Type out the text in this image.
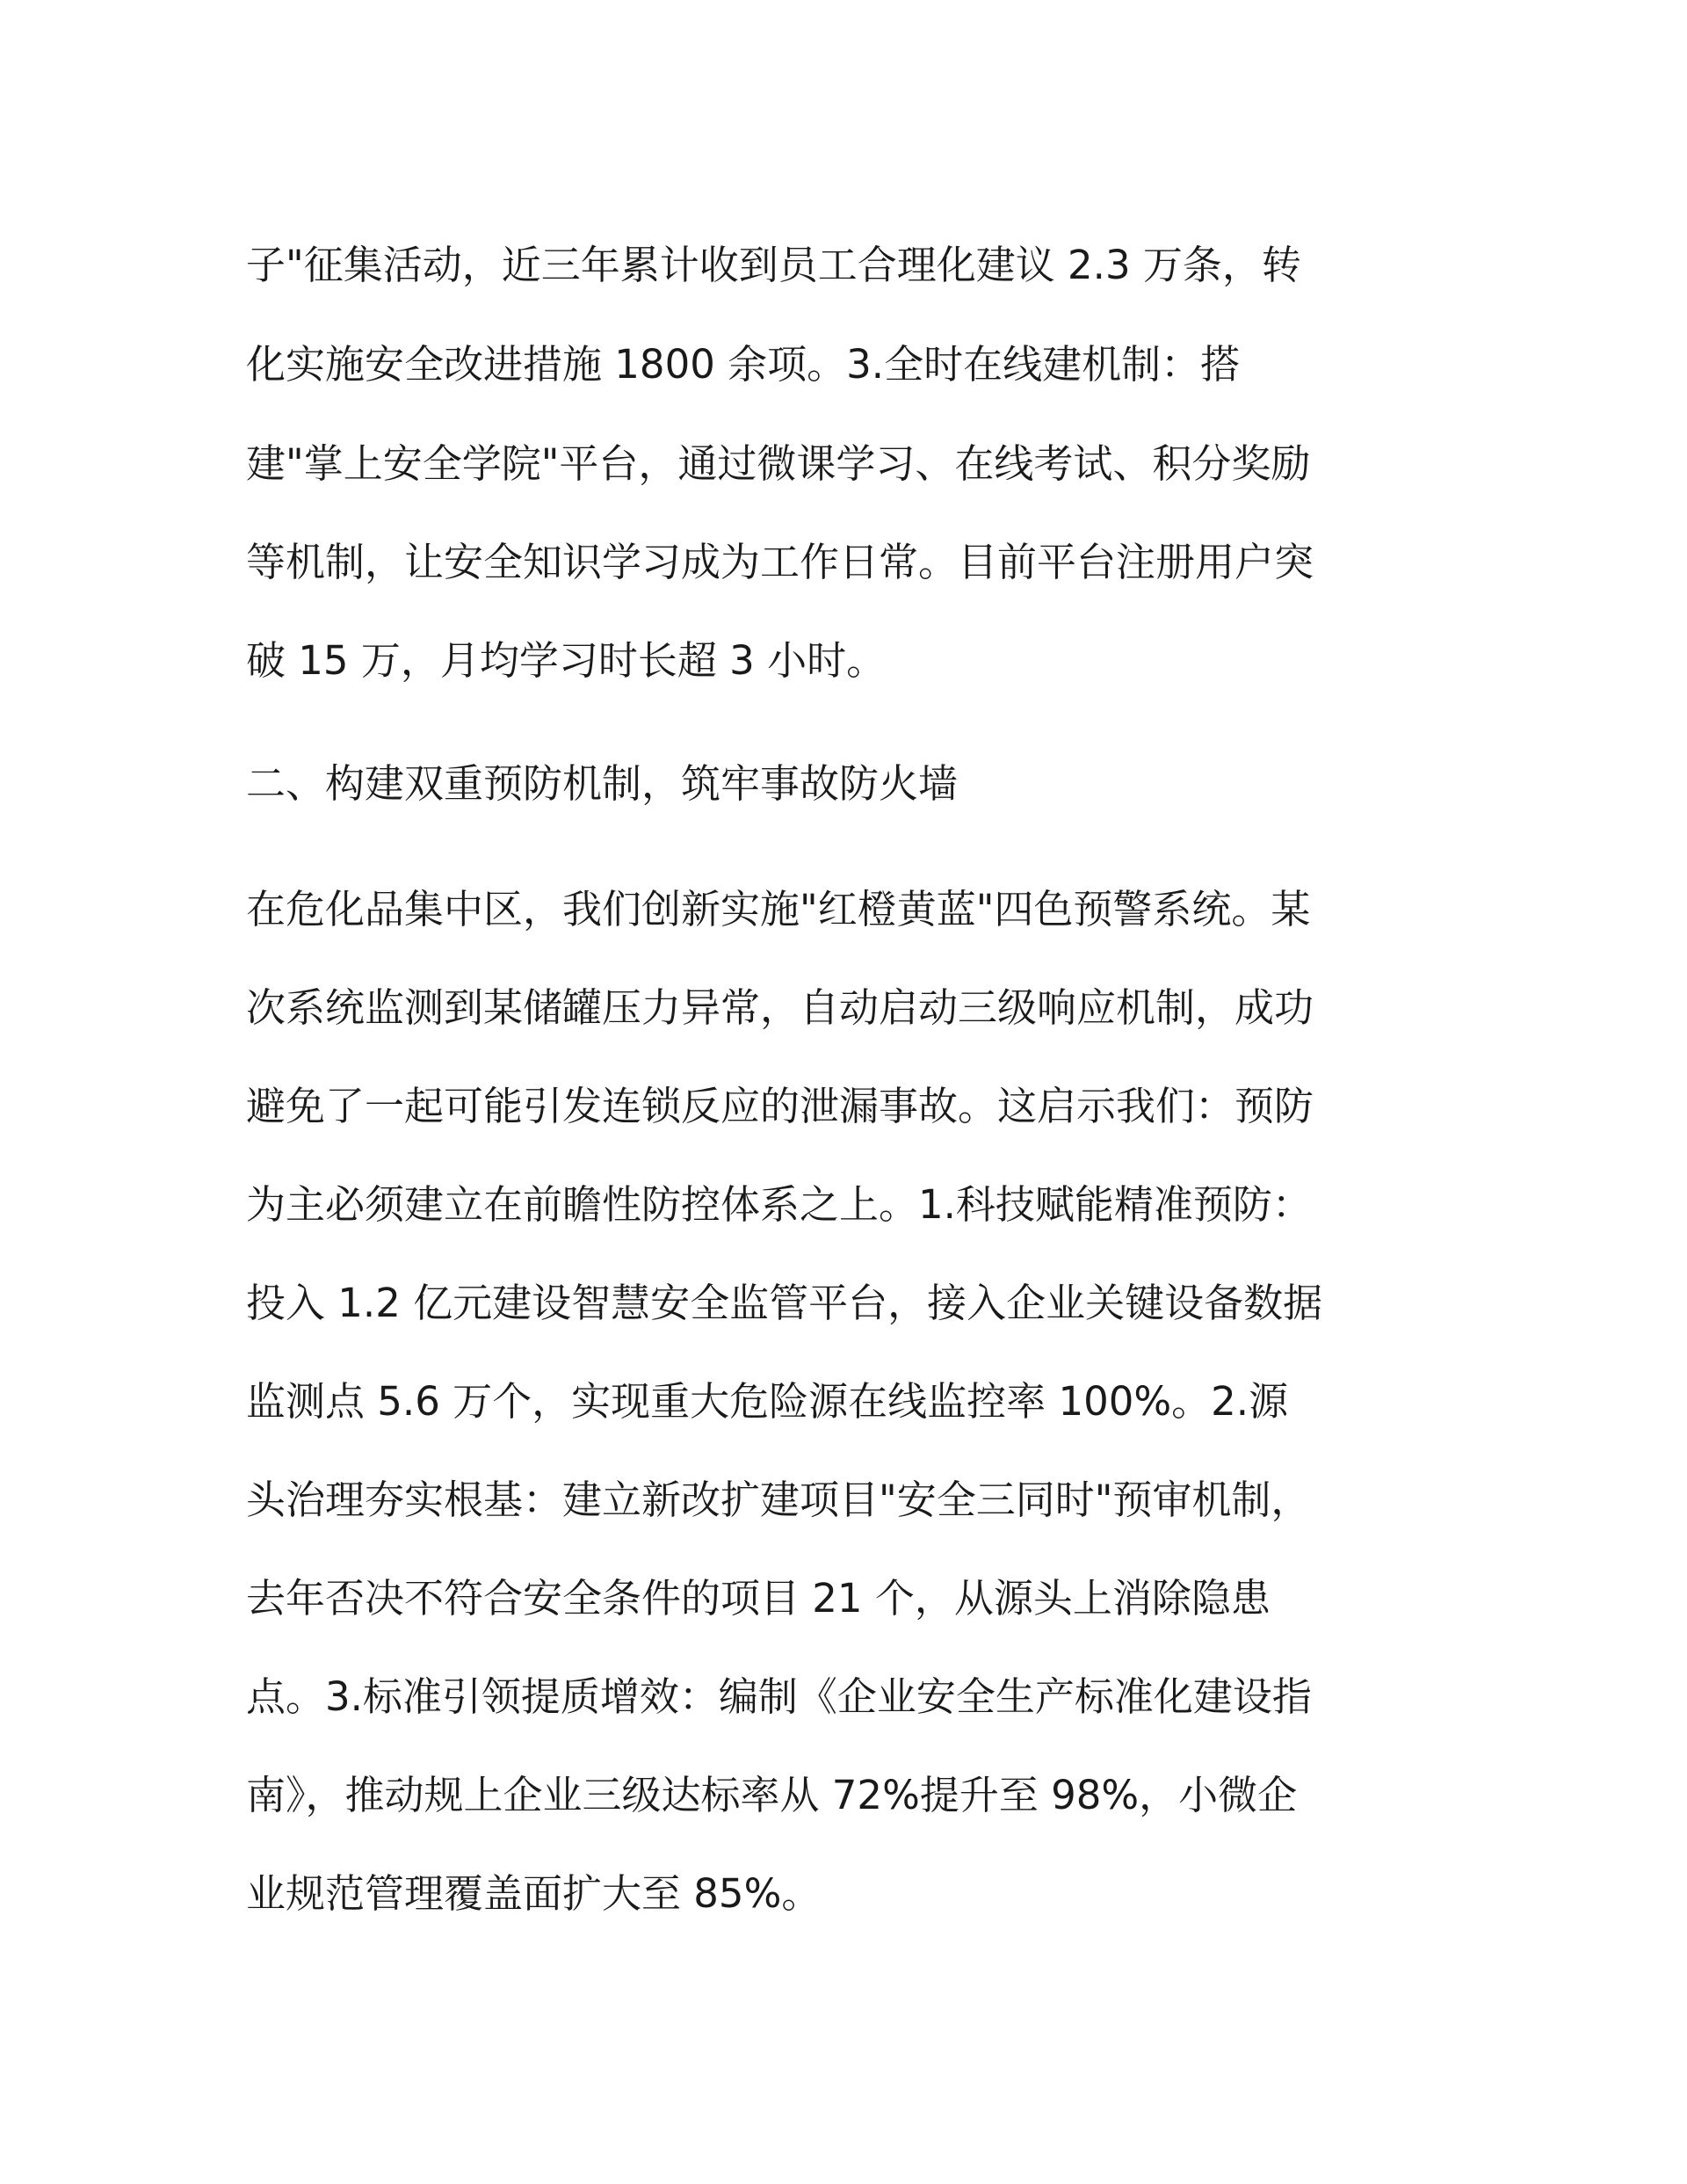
子"征集活动，近三年累计收到员工合理化建议 2.3 万条，转
化实施安全改进措施 1800 余项。3.全时在线建机制：搭
建"掌上安全学院"平台，通过微课学习、在线考试、积分奖励
等机制，让安全知识学习成为工作日常。目前平台注册用户突
破 15 万，月均学习时长超 3 小时。
二、构建双重预防机制，筑牢事故防火墙
在危化品集中区，我们创新实施"红橙黄蓝"四色预警系统。某
次系统监测到某储罐压力异常，自动启动三级响应机制，成功
避免了一起可能引发连锁反应的泄漏事故。这启示我们：预防
为主必须建立在前瞻性防控体系之上。1.科技赋能精准预防：
投入 1.2 亿元建设智慧安全监管平台，接入企业关键设备数据
监测点 5.6 万个，实现重大危险源在线监控率 100%。2.源
头治理夯实根基：建立新改扩建项目"安全三同时"预审机制，
去年否决不符合安全条件的项目 21 个，从源头上消除隐患
点。3.标准引领提质增效：编制《企业安全生产标准化建设指
南》，推动规上企业三级达标率从 72%提升至 98%，小微企
业规范管理覆盖面扩大至 85%。
